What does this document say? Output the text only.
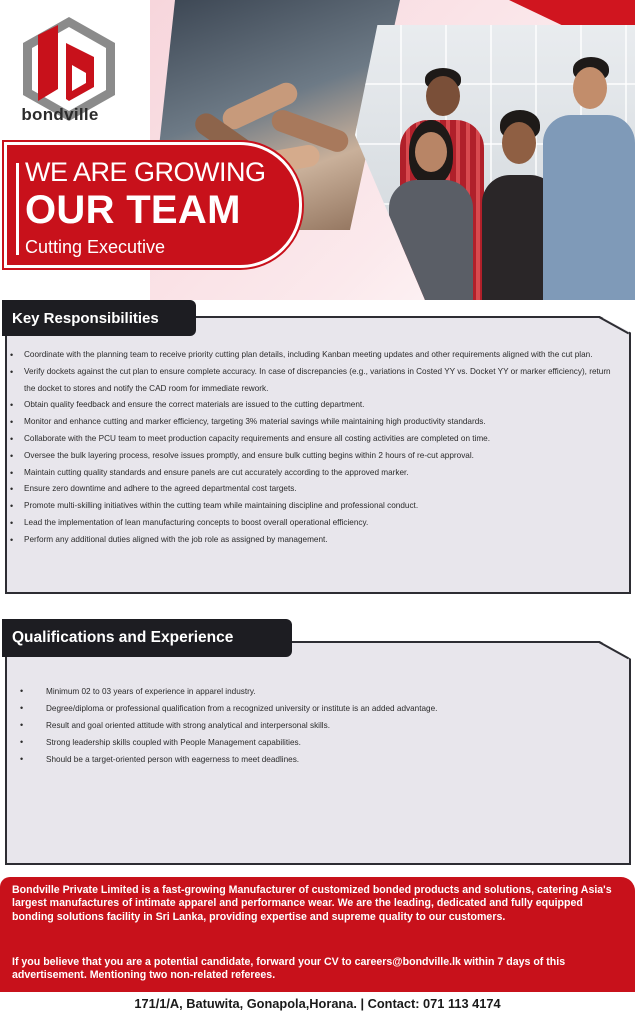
bondville
WE ARE GROWING
OUR TEAM
Cutting Executive
Key Responsibilities
• Coordinate with the planning team to receive priority cutting plan details, including Kanban meeting updates and other requirements aligned with the cut plan.
• Verify dockets against the cut plan to ensure complete accuracy. In case of discrepancies (e.g., variations in Costed YY vs. Docket YY or marker efficiency), return the docket to stores and notify the CAD room for immediate rework.
• Obtain quality feedback and ensure the correct materials are issued to the cutting department.
• Monitor and enhance cutting and marker efficiency, targeting 3% material savings while maintaining high productivity standards.
• Collaborate with the PCU team to meet production capacity requirements and ensure all costing activities are completed on time.
• Oversee the bulk layering process, resolve issues promptly, and ensure bulk cutting begins within 2 hours of re-cut approval.
• Maintain cutting quality standards and ensure panels are cut accurately according to the approved marker.
• Ensure zero downtime and adhere to the agreed departmental cost targets.
• Promote multi-skilling initiatives within the cutting team while maintaining discipline and professional conduct.
• Lead the implementation of lean manufacturing concepts to boost overall operational efficiency.
• Perform any additional duties aligned with the job role as assigned by management.
Qualifications and Experience
• Minimum 02 to 03 years of experience in apparel industry.
• Degree/diploma or professional qualification from a recognized university or institute is an added advantage.
• Result and goal oriented attitude with strong analytical and interpersonal skills.
• Strong leadership skills coupled with People Management capabilities.
• Should be a target-oriented person with eagerness to meet deadlines.

Bondville Private Limited is a fast-growing Manufacturer of customized bonded products and solutions, catering Asia's largest manufactures of intimate apparel and performance wear. We are the leading, dedicated and fully equipped bonding solutions facility in Sri Lanka, providing expertise and supreme quality to our customers.

If you believe that you are a potential candidate, forward your CV to careers@bondville.lk within 7 days of this advertisement. Mentioning two non-related referees.

171/1/A, Batuwita, Gonapola,Horana. | Contact: 071 113 4174
